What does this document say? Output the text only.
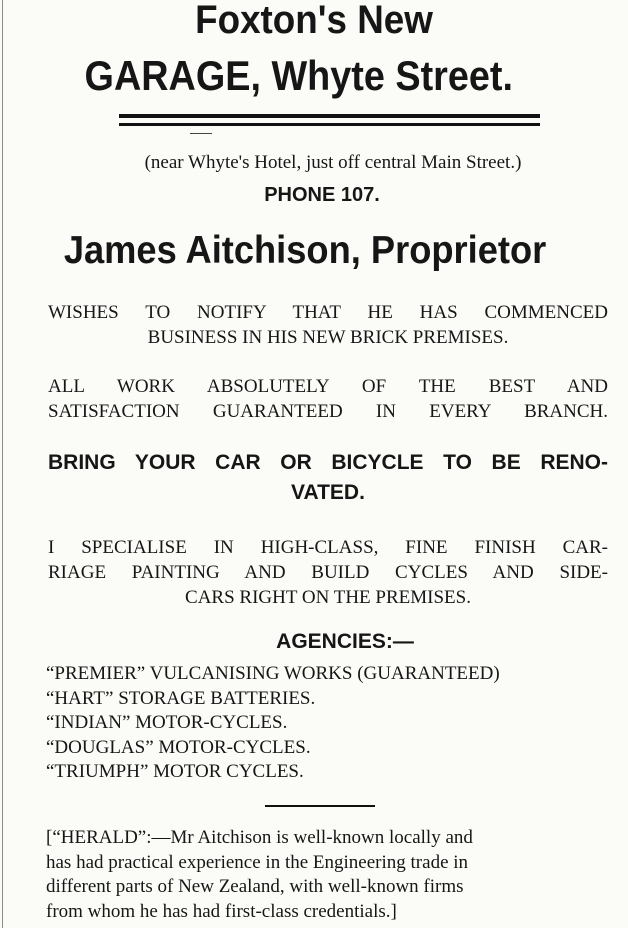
Foxton's New
GARAGE, Whyte Street.
(near Whyte's Hotel, just off central Main Street.)
PHONE 107.
James Aitchison, Proprietor
WISHES TO NOTIFY THAT HE HAS COMMENCED
BUSINESS IN HIS NEW BRICK PREMISES.
ALL WORK ABSOLUTELY OF THE BEST AND
SATISFACTION GUARANTEED IN EVERY BRANCH.
BRING YOUR CAR OR BICYCLE TO BE RENO-
VATED.
I SPECIALISE IN HIGH-CLASS, FINE FINISH CAR-
RIAGE PAINTING AND BUILD CYCLES AND SIDE-
CARS RIGHT ON THE PREMISES.
AGENCIES:—
“PREMIER” VULCANISING WORKS (GUARANTEED)
“HART” STORAGE BATTERIES.
“INDIAN” MOTOR-CYCLES.
“DOUGLAS” MOTOR-CYCLES.
“TRIUMPH” MOTOR CYCLES.
[“HERALD”:—Mr Aitchison is well-known locally and
has had practical experience in the Engineering trade in
different parts of New Zealand, with well-known firms
from whom he has had first-class credentials.]
